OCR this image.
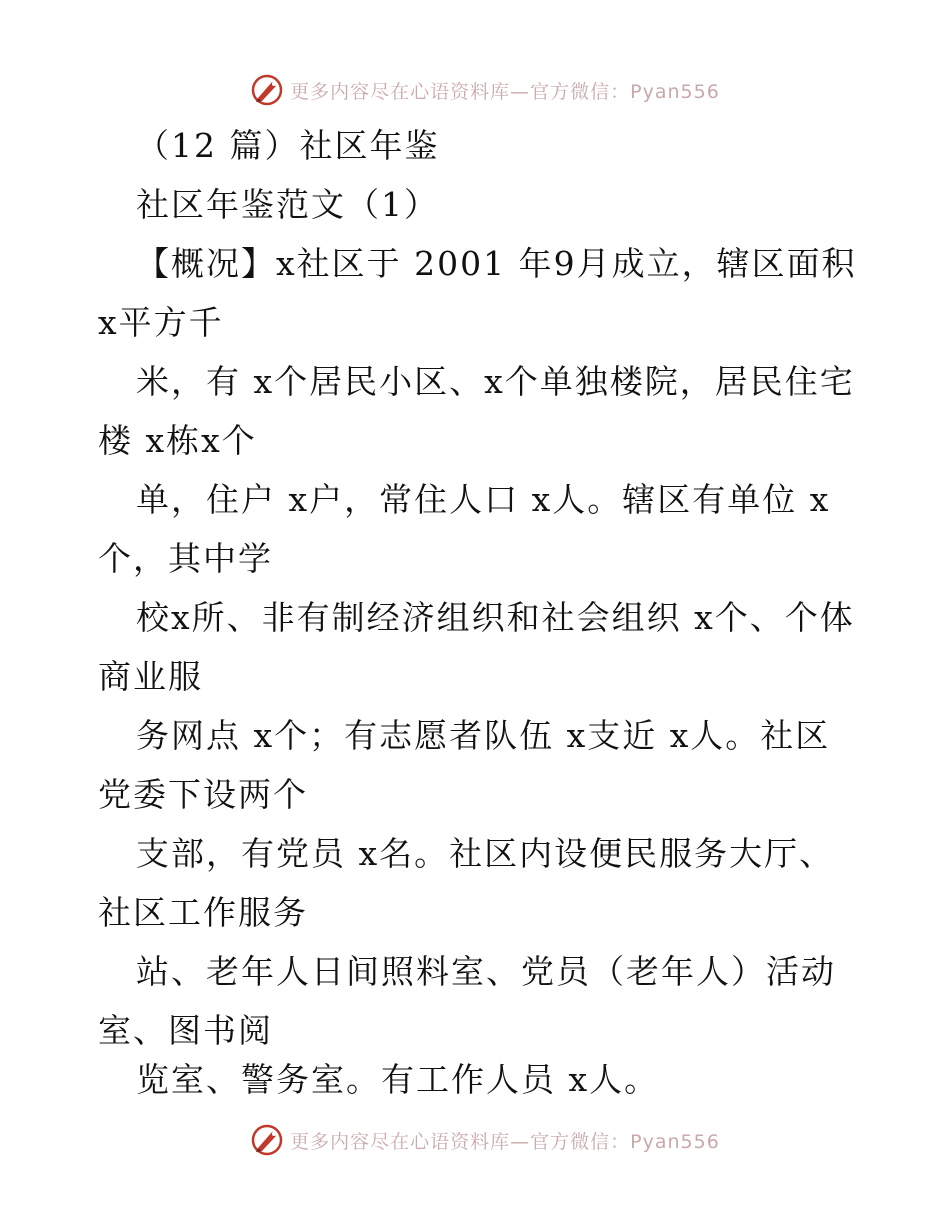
更多内容尽在心语资料库—官方微信：Pyan556
（12 篇）社区年鉴
社区年鉴范文（1）
【概况】x社区于 2001 年9月成立，辖区面积
x平方千
米，有 x个居民小区、x个单独楼院，居民住宅
楼 x栋x个
单，住户 x户，常住人口 x人。辖区有单位 x
个，其中学
校x所、非有制经济组织和社会组织 x个、个体
商业服
务网点 x个；有志愿者队伍 x支近 x人。社区
党委下设两个
支部，有党员 x名。社区内设便民服务大厅、
社区工作服务
站、老年人日间照料室、党员（老年人）活动
室、图书阅
览室、警务室。有工作人员 x人。
更多内容尽在心语资料库—官方微信：Pyan556
